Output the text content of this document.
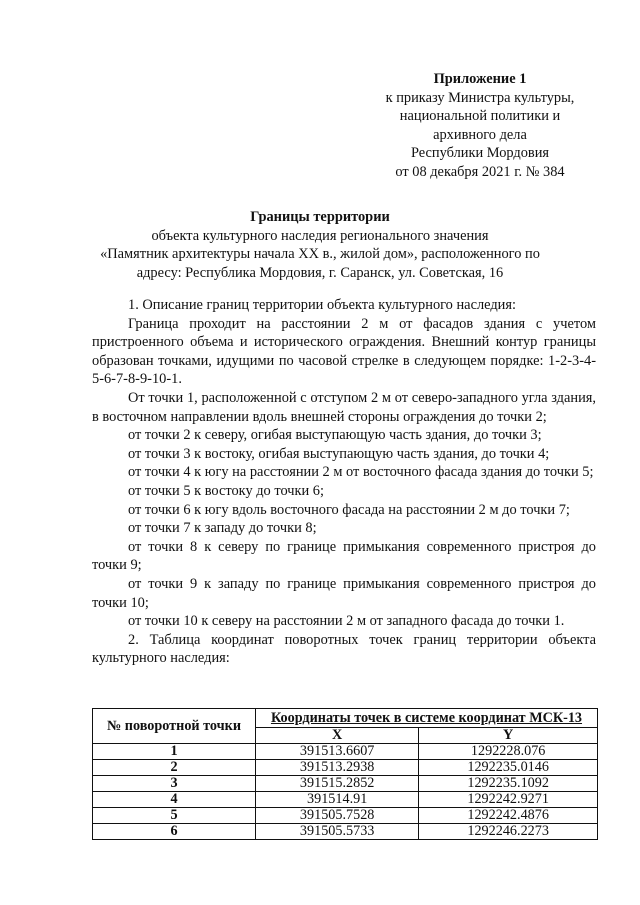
Приложение 1
к приказу Министра культуры,
национальной политики и
архивного дела
Республики Мордовия
от 08 декабря 2021 г. № 384
Границы территории
объекта культурного наследия регионального значения
«Памятник архитектуры начала XX в., жилой дом», расположенного по
адресу: Республика Мордовия, г. Саранск, ул. Советская, 16

1. Описание границ территории объекта культурного наследия:

Граница проходит на расстоянии 2 м от фасадов здания с учетом пристроенного объема и исторического ограждения. Внешний контур границы образован точками, идущими по часовой стрелке в следующем порядке: 1-2-3-4-5-6-7-8-9-10-1.

От точки 1, расположенной с отступом 2 м от северо-западного угла здания, в восточном направлении вдоль внешней стороны ограждения до точки 2;

от точки 2 к северу, огибая выступающую часть здания, до точки 3;

от точки 3 к востоку, огибая выступающую часть здания, до точки 4;

от точки 4 к югу на расстоянии 2 м от восточного фасада здания до точки 5;

от точки 5 к востоку до точки 6;

от точки 6 к югу вдоль восточного фасада на расстоянии 2 м до точки 7;

от точки 7 к западу до точки 8;

от точки 8 к северу по границе примыкания современного пристроя до точки 9;

от точки 9 к западу по границе примыкания современного пристроя до точки 10;

от точки 10 к северу на расстоянии 2 м от западного фасада до точки 1.

2. Таблица координат поворотных точек границ территории объекта культурного наследия:

№ поворотной точки	Координаты точек в системе координат МСК-13	
	X	Y
1	391513.6607	1292228.076
2	391513.2938	1292235.0146
3	391515.2852	1292235.1092
4	391514.91	1292242.9271
5	391505.7528	1292242.4876
6	391505.5733	1292246.2273
